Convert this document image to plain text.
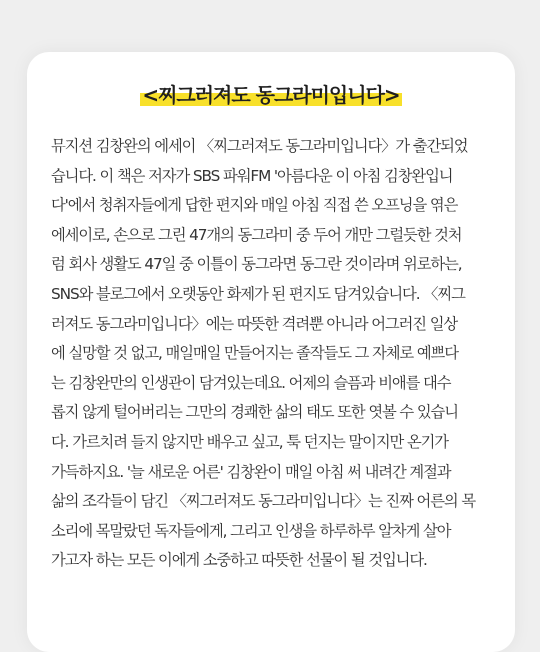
<찌그러져도 동그라미입니다>

뮤지션 김창완의 에세이 〈찌그러져도 동그라미입니다〉가 출간되었
습니다. 이 책은 저자가 SBS 파워FM '아름다운 이 아침 김창완입니
다'에서 청취자들에게 답한 편지와 매일 아침 직접 쓴 오프닝을 엮은
에세이로, 손으로 그린 47개의 동그라미 중 두어 개만 그럴듯한 것처
럼 회사 생활도 47일 중 이틀이 동그라면 동그란 것이라며 위로하는,
SNS와 블로그에서 오랫동안 화제가 된 편지도 담겨있습니다. 〈찌그
러져도 동그라미입니다〉에는 따뜻한 격려뿐 아니라 어그러진 일상
에 실망할 것 없고, 매일매일 만들어지는 졸작들도 그 자체로 예쁘다
는 김창완만의 인생관이 담겨있는데요. 어제의 슬픔과 비애를 대수
롭지 않게 털어버리는 그만의 경쾌한 삶의 태도 또한 엿볼 수 있습니
다. 가르치려 들지 않지만 배우고 싶고, 툭 던지는 말이지만 온기가
가득하지요. '늘 새로운 어른' 김창완이 매일 아침 써 내려간 계절과
삶의 조각들이 담긴 〈찌그러져도 동그라미입니다〉는 진짜 어른의 목
소리에 목말랐던 독자들에게, 그리고 인생을 하루하루 알차게 살아
가고자 하는 모든 이에게 소중하고 따뜻한 선물이 될 것입니다.
